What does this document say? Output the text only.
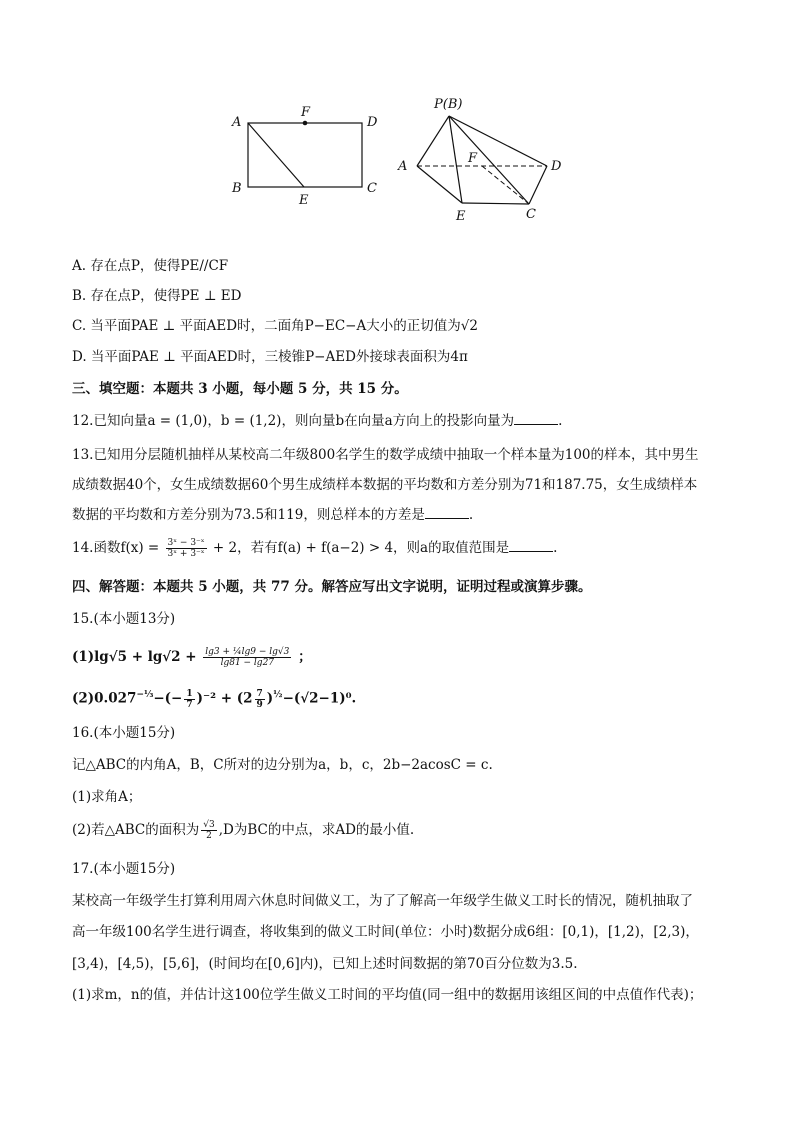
A
F
D
B
E
C
P(B)
A
F
D
E	C
A. 存在点P，使得PE//CF
B. 存在点P，使得PE ⊥ ED
C. 当平面PAE ⊥ 平面AED时，二面角P−EC−A大小的正切值为√2
D. 当平面PAE ⊥ 平面AED时，三棱锥P−AED外接球表面积为4π
三、填空题：本题共 3 小题，每小题 5 分，共 15 分。
12.已知向量a = (1,0)，b = (1,2)，则向量b在向量a方向上的投影向量为	.
13.已知用分层随机抽样从某校高二年级800名学生的数学成绩中抽取一个样本量为100的样本，其中男生
成绩数据40个，女生成绩数据60个男生成绩样本数据的平均数和方差分别为71和187.75，女生成绩样本
数据的平均数和方差分别为73.5和119，则总样本的方差是	.
14.函数$f(x) = \frac{\text{3ˣ − 3⁻ˣ}}{\text{3ˣ + 3⁻ˣ}} + 2$，若有f(a) + f(a−2) > 4，则a的取值范围是	.
四、解答题：本题共 5 小题，共 77 分。解答应写出文字说明，证明过程或演算步骤。
15.(本小题13分)
$(1)\lg√5 + \lg√2 + \frac{\text{lg3 + ¼lg9 − lg√3}}{\lg 81 - \lg 27}$ ；
$(2)0.027^{-\frac{1}{3}}-(- \frac{1}{7} )^{-2} + (2 \frac{7}{9} )^{\frac{1}{2}}-(√2-1)^0$.
16.(本小题15分)
记△ABC的内角A，B，C所对的边分别为a，b，c，2b−2acosC = c.
(1)求角A；
(2)若△ABC的面积为 $\frac{√3}{2} ,D$为BC的中点，求AD的最小值.
17.(本小题15分)
某校高一年级学生打算利用周六休息时间做义工，为了了解高一年级学生做义工时长的情况，随机抽取了
高一年级100名学生进行调查，将收集到的做义工时间(单位：小时)数据分成6组：[0,1)，[1,2)，[2,3)，
[3,4)，[4,5)，[5,6]，(时间均在[0,6]内)，已知上述时间数据的第70百分位数为3.5.
(1)求m，n的值，并估计这100位学生做义工时间的平均值(同一组中的数据用该组区间的中点值作代表)；
